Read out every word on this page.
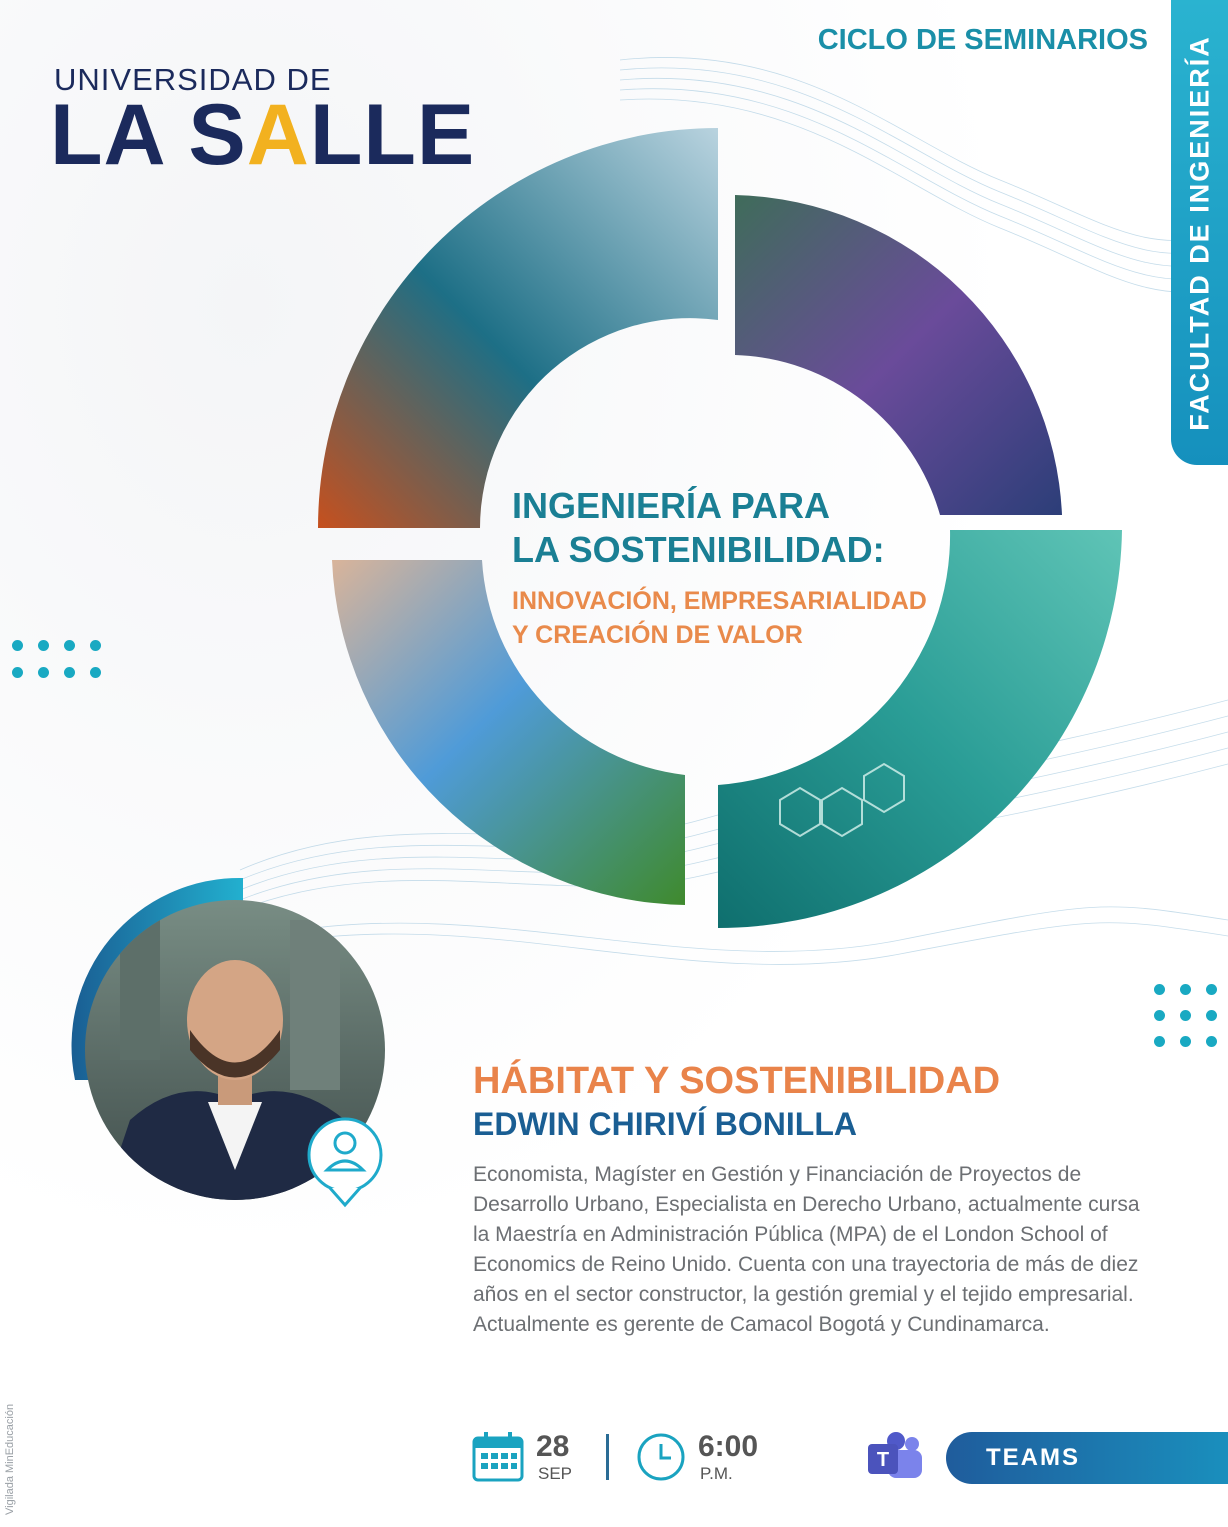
UNIVERSIDAD DE
LA SALLE
CICLO DE SEMINARIOS FACULTAD DE INGENIERÍA
INGENIERÍA PARA
LA SOSTENIBILIDAD:
INNOVACIÓN, EMPRESARIALIDAD
Y CREACIÓN DE VALOR
HÁBITAT Y SOSTENIBILIDAD
EDWIN CHIRIVÍ BONILLA
Economista, Magíster en Gestión y Financiación de Proyectos de Desarrollo Urbano, Especialista en Derecho Urbano, actualmente cursa la Maestría en Administración Pública (MPA) de el London School of Economics de Reino Unido. Cuenta con una trayectoria de más de diez años en el sector constructor, la gestión gremial y el tejido empresarial. Actualmente es gerente de Camacol Bogotá y Cundinamarca.
28
SEP
6:00
P.M.
T	TEAMS
Vigilada MinEducación
